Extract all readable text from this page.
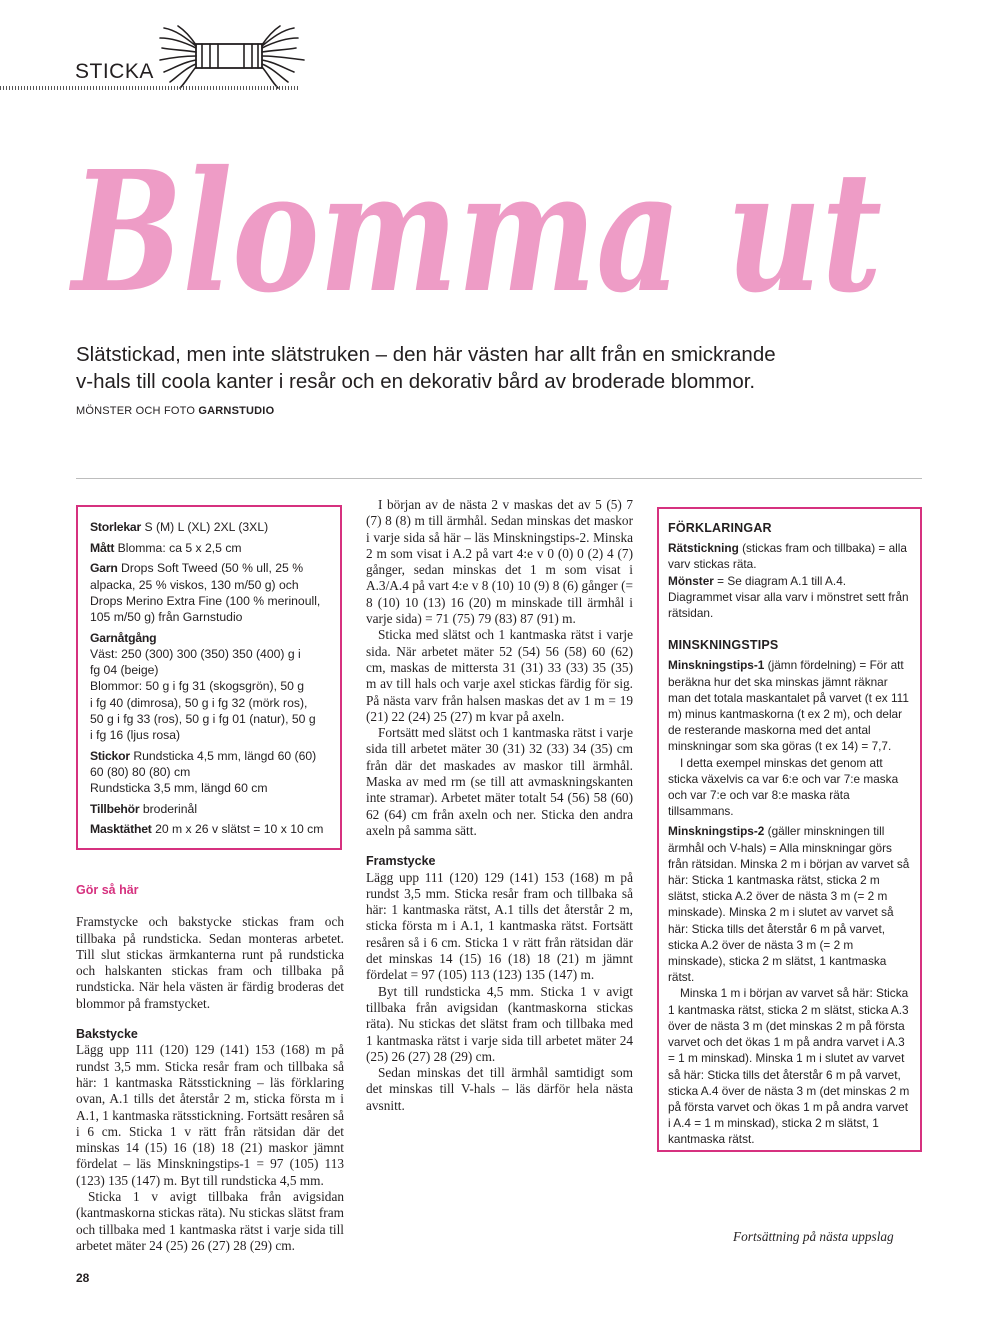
STICKA
Blomma ut
Slätstickad, men inte slätstruken – den här västen har allt från en smickrande
v-hals till coola kanter i resår och en dekorativ bård av broderade blommor.
MÖNSTER OCH FOTO GARNSTUDIO

Storlekar S (M) L (XL) 2XL (3XL)

Mått Blomma: ca 5 x 2,5 cm

Garn Drops Soft Tweed (50 % ull, 25 %
alpacka, 25 % viskos, 130 m/50 g) och
Drops Merino Extra Fine (100 % merinoull,
105 m/50 g) från Garnstudio

Garnåtgång
Väst: 250 (300) 300 (350) 350 (400) g i
fg 04 (beige)
Blommor: 50 g i fg 31 (skogsgrön), 50 g
i fg 40 (dimrosa), 50 g i fg 32 (mörk ros),
50 g i fg 33 (ros), 50 g i fg 01 (natur), 50 g
i fg 16 (ljus rosa)

Stickor Rundsticka 4,5 mm, längd 60 (60)
60 (80) 80 (80) cm
Rundsticka 3,5 mm, längd 60 cm

Tillbehör broderinål

Masktäthet 20 m x 26 v slätst = 10 x 10 cm

Gör så här

Framstycke och bakstycke stickas fram och tillbaka på rundsticka. Sedan monteras arbetet. Till slut stickas ärmkanterna runt på rundsticka och halskanten stickas fram och tillbaka på rundsticka. När hela västen är färdig broderas det blommor på framstycket.

Bakstycke

Lägg upp 111 (120) 129 (141) 153 (168) m på rundst 3,5 mm. Sticka resår fram och tillbaka så här: 1 kantmaska Rätsstickning – läs förklaring ovan, A.1 tills det återstår 2 m, sticka första m i A.1, 1 kantmaska rätsstickning. Fortsätt resåren så i 6 cm. Sticka 1 v rätt från rätsidan där det minskas 14 (15) 16 (18) 18 (21) maskor jämnt fördelat – läs Minskningstips-1 = 97 (105) 113 (123) 135 (147) m. Byt till rundsticka 4,5 mm.

Sticka 1 v avigt tillbaka från avigsidan (kantmaskorna stickas räta). Nu stickas slätst fram och tillbaka med 1 kantmaska rätst i varje sida till arbetet mäter 24 (25) 26 (27) 28 (29) cm.

I början av de nästa 2 v maskas det av 5 (5) 7 (7) 8 (8) m till ärmhål. Sedan minskas det maskor i varje sida så här – läs Minskningstips-2. Minska 2 m som visat i A.2 på vart 4:e v 0 (0) 0 (2) 4 (7) gånger, sedan minskas det 1 m som visat i A.3/A.4 på vart 4:e v 8 (10) 10 (9) 8 (6) gånger (= 8 (10) 10 (13) 16 (20) m minskade till ärmhål i varje sida) = 71 (75) 79 (83) 87 (91) m.

Sticka med slätst och 1 kantmaska rätst i varje sida. När arbetet mäter 52 (54) 56 (58) 60 (62) cm, maskas de mittersta 31 (31) 33 (33) 35 (35) m av till hals och varje axel stickas färdig för sig. På nästa varv från halsen maskas det av 1 m = 19 (21) 22 (24) 25 (27) m kvar på axeln.

Fortsätt med slätst och 1 kantmaska rätst i varje sida till arbetet mäter 30 (31) 32 (33) 34 (35) cm från där det maskades av maskor till ärmhål. Maska av med rm (se till att avmaskningskanten inte stramar). Arbetet mäter totalt 54 (56) 58 (60) 62 (64) cm från axeln och ner. Sticka den andra axeln på samma sätt.

Framstycke

Lägg upp 111 (120) 129 (141) 153 (168) m på rundst 3,5 mm. Sticka resår fram och tillbaka så här: 1 kantmaska rätst, A.1 tills det återstår 2 m, sticka första m i A.1, 1 kantmaska rätst. Fortsätt resåren så i 6 cm. Sticka 1 v rätt från rätsidan där det minskas 14 (15) 16 (18) 18 (21) m jämnt fördelat = 97 (105) 113 (123) 135 (147) m.

Byt till rundsticka 4,5 mm. Sticka 1 v avigt tillbaka från avigsidan (kantmaskorna stickas räta). Nu stickas det slätst fram och tillbaka med 1 kantmaska rätst i varje sida till arbetet mäter 24 (25) 26 (27) 28 (29) cm.

Sedan minskas det till ärmhål samtidigt som det minskas till V-hals – läs därför hela nästa avsnitt.

FÖRKLARINGAR

Rätstickning (stickas fram och tillbaka) = alla varv stickas räta.

Mönster = Se diagram A.1 till A.4. Diagrammet visar alla varv i mönstret sett från rätsidan.

MINSKNINGSTIPS

Minskningstips-1 (jämn fördelning) = För att beräkna hur det ska minskas jämnt räknar man det totala maskantalet på varvet (t ex 111 m) minus kantmaskorna (t ex 2 m), och delar de resterande maskorna med det antal minskningar som ska göras (t ex 14) = 7,7.

I detta exempel minskas det genom att sticka växelvis ca var 6:e och var 7:e maska och var 7:e och var 8:e maska räta tillsammans.

Minskningstips-2 (gäller minskningen till ärmhål och V-hals) = Alla minskningar görs från rätsidan. Minska 2 m i början av varvet så här: Sticka 1 kantmaska rätst, sticka 2 m slätst, sticka A.2 över de nästa 3 m (= 2 m minskade). Minska 2 m i slutet av varvet så här: Sticka tills det återstår 6 m på varvet, sticka A.2 över de nästa 3 m (= 2 m minskade), sticka 2 m slätst, 1 kantmaska rätst.

Minska 1 m i början av varvet så här: Sticka 1 kantmaska rätst, sticka 2 m slätst, sticka A.3 över de nästa 3 m (det minskas 2 m på första varvet och det ökas 1 m på andra varvet i A.3 = 1 m minskad). Minska 1 m i slutet av varvet så här: Sticka tills det återstår 6 m på varvet, sticka A.4 över de nästa 3 m (det minskas 2 m på första varvet och ökas 1 m på andra varvet i A.4 = 1 m minskad), sticka 2 m slätst, 1 kantmaska rätst.

Fortsättning på nästa uppslag
28
